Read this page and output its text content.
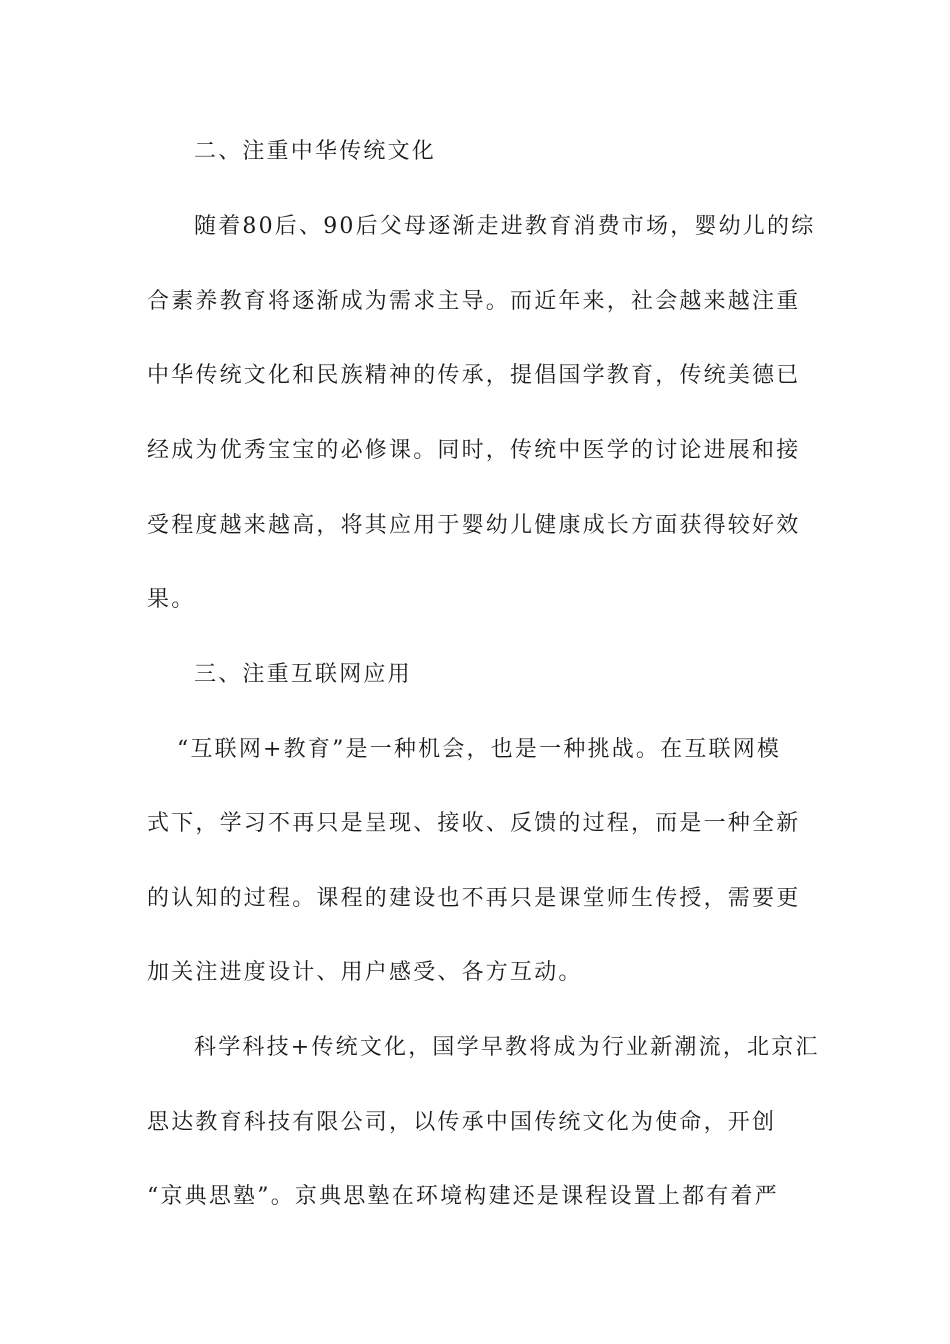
二、注重中华传统文化
随着80后、90后父母逐渐走进教育消费市场，婴幼儿的综
合素养教育将逐渐成为需求主导。而近年来，社会越来越注重
中华传统文化和民族精神的传承，提倡国学教育，传统美德已
经成为优秀宝宝的必修课。同时，传统中医学的讨论进展和接
受程度越来越高，将其应用于婴幼儿健康成长方面获得较好效
果。
三、注重互联网应用
“互联网+教育”是一种机会，也是一种挑战。在互联网模
式下，学习不再只是呈现、接收、反馈的过程，而是一种全新
的认知的过程。课程的建设也不再只是课堂师生传授，需要更
加关注进度设计、用户感受、各方互动。
科学科技+传统文化，国学早教将成为行业新潮流，北京汇
思达教育科技有限公司，以传承中国传统文化为使命，开创
“京典思塾”。京典思塾在环境构建还是课程设置上都有着严
